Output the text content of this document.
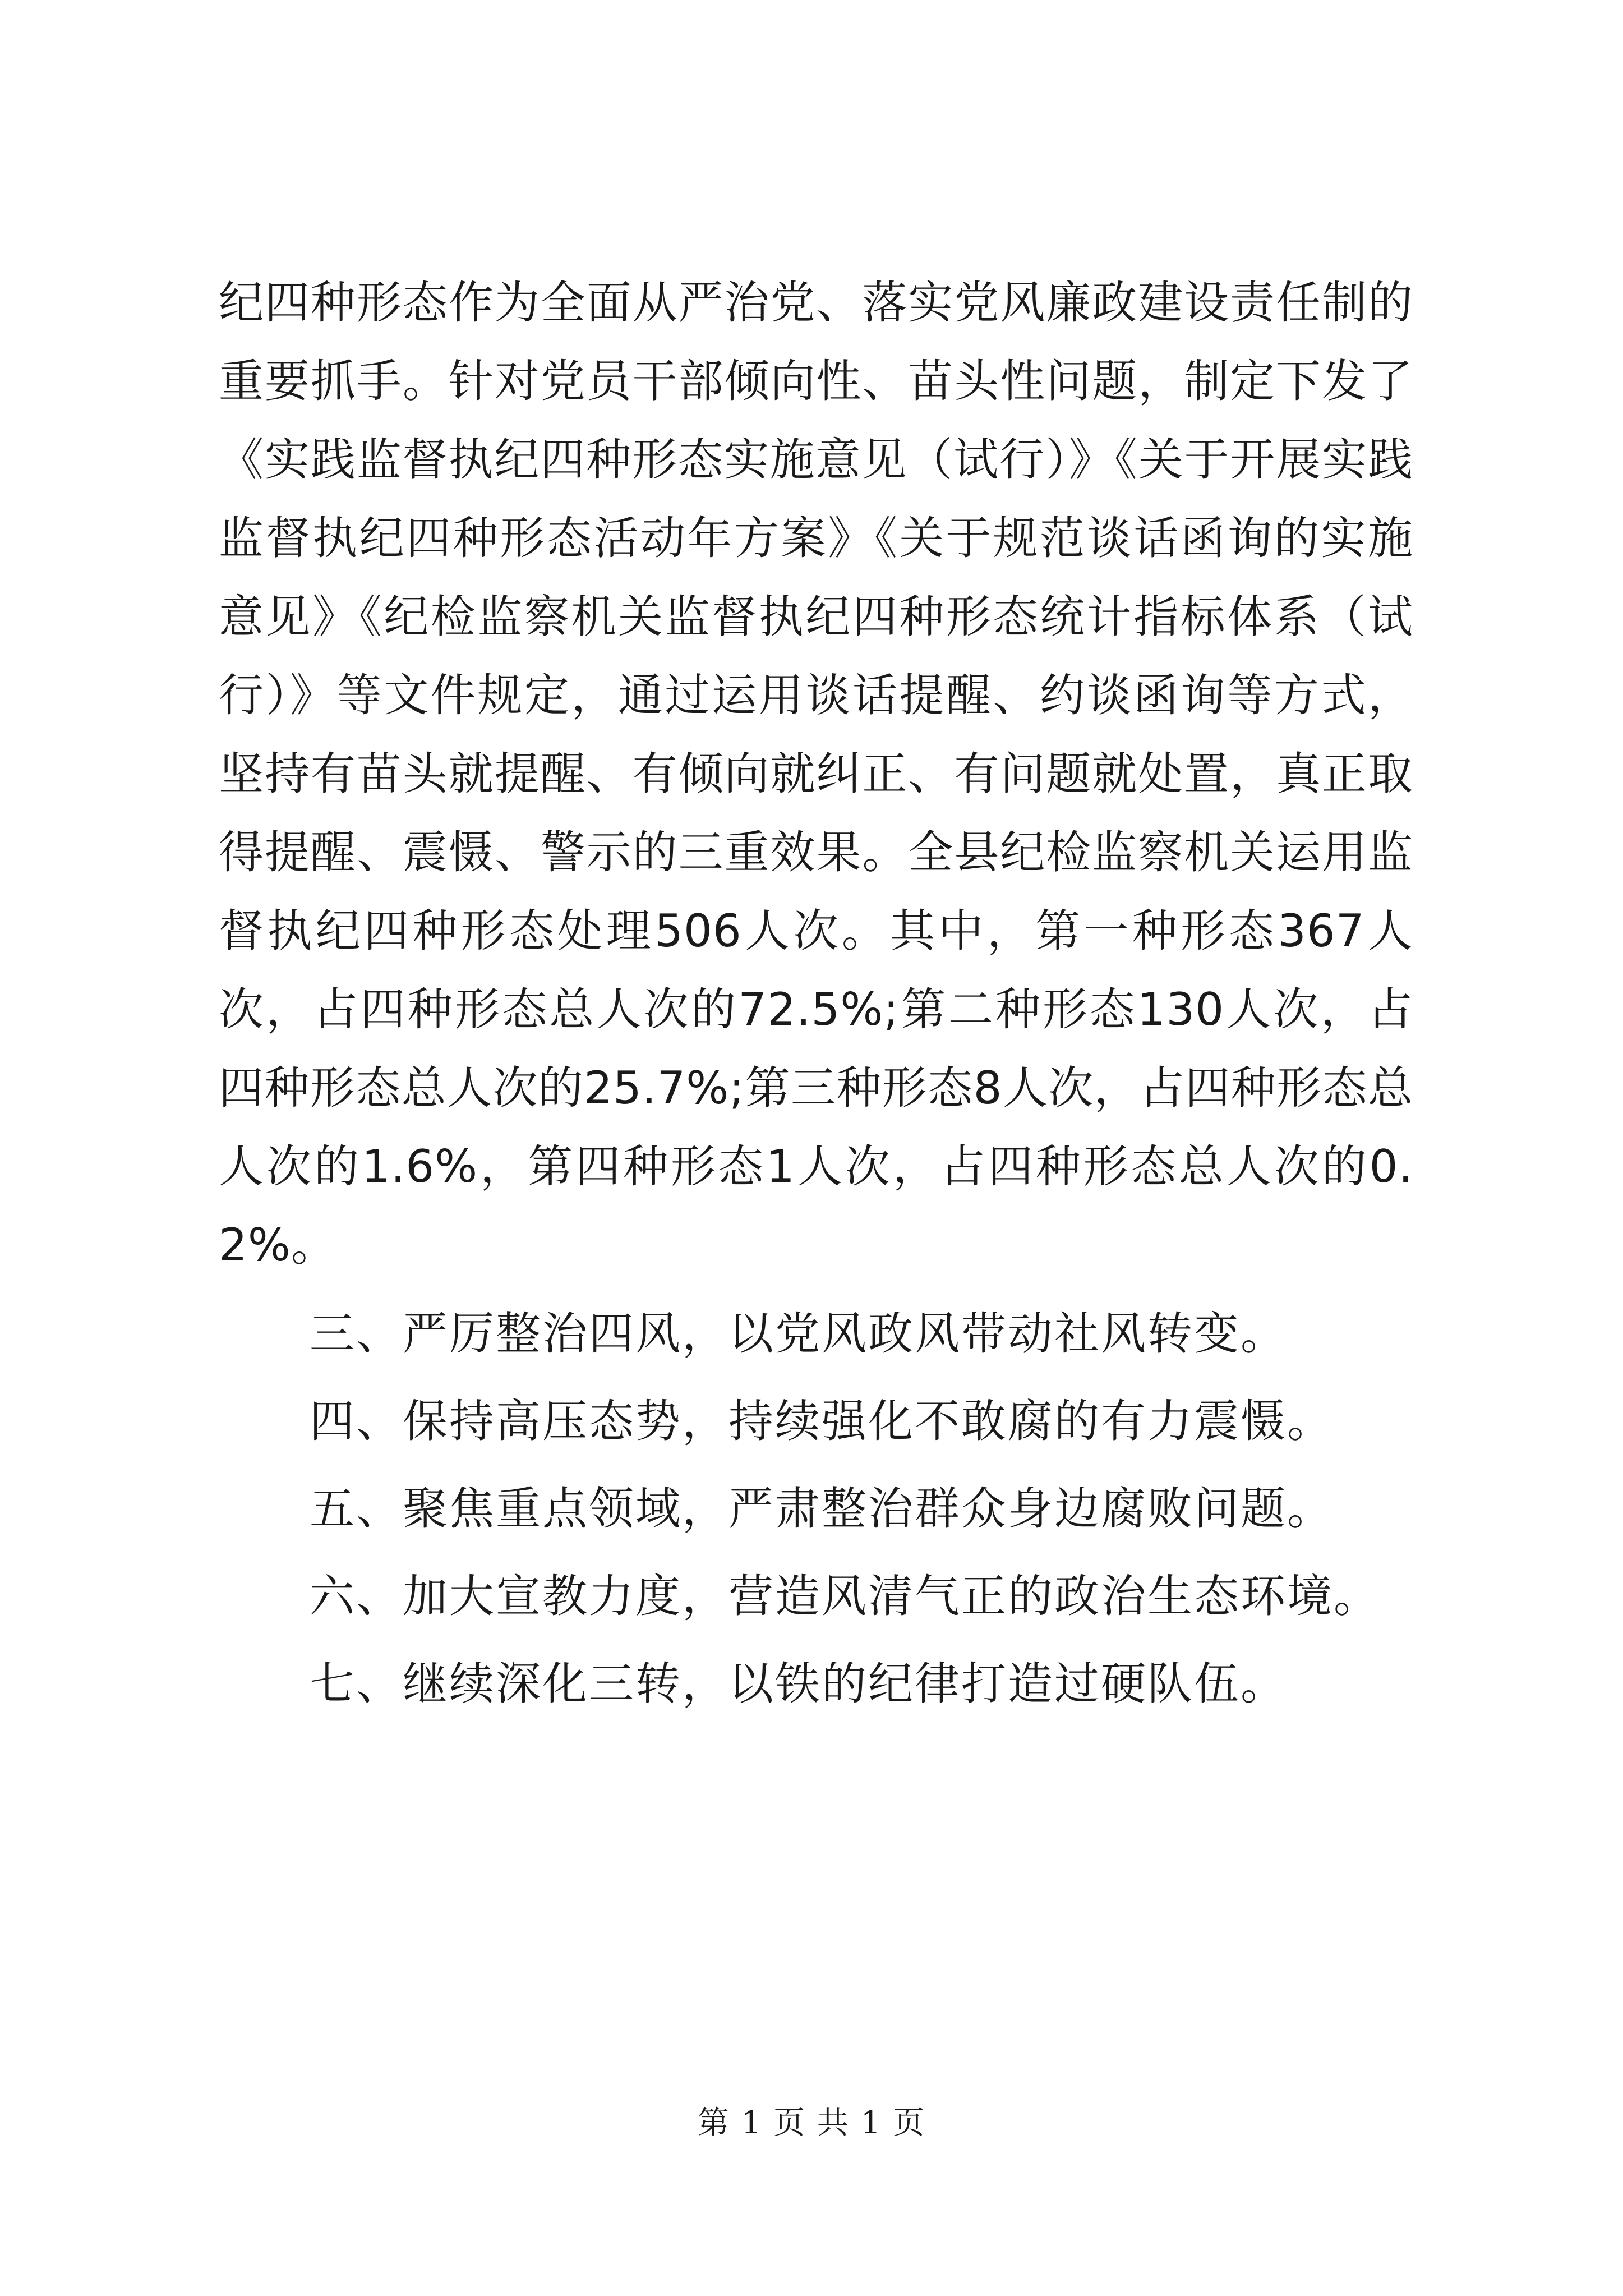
纪四种形态作为全面从严治党、落实党风廉政建设责任制的重要抓手。针对党员干部倾向性、苗头性问题，制定下发了《实践监督执纪四种形态实施意见（试行）》《关于开展实践监督执纪四种形态活动年方案》《关于规范谈话函询的实施意见》《纪检监察机关监督执纪四种形态统计指标体系（试行）》等文件规定，通过运用谈话提醒、约谈函询等方式，坚持有苗头就提醒、有倾向就纠正、有问题就处置，真正取得提醒、震慑、警示的三重效果。全县纪检监察机关运用监督执纪四种形态处理506人次。其中，第一种形态367人次，占四种形态总人次的72.5%;第二种形态130人次，占四种形态总人次的25.7%;第三种形态8人次，占四种形态总人次的1.6%，第四种形态1人次，占四种形态总人次的0.2%。

三、严厉整治四风，以党风政风带动社风转变。

四、保持高压态势，持续强化不敢腐的有力震慑。

五、聚焦重点领域，严肃整治群众身边腐败问题。

六、加大宣教力度，营造风清气正的政治生态环境。

七、继续深化三转，以铁的纪律打造过硬队伍。

第 1 页 共 1 页
